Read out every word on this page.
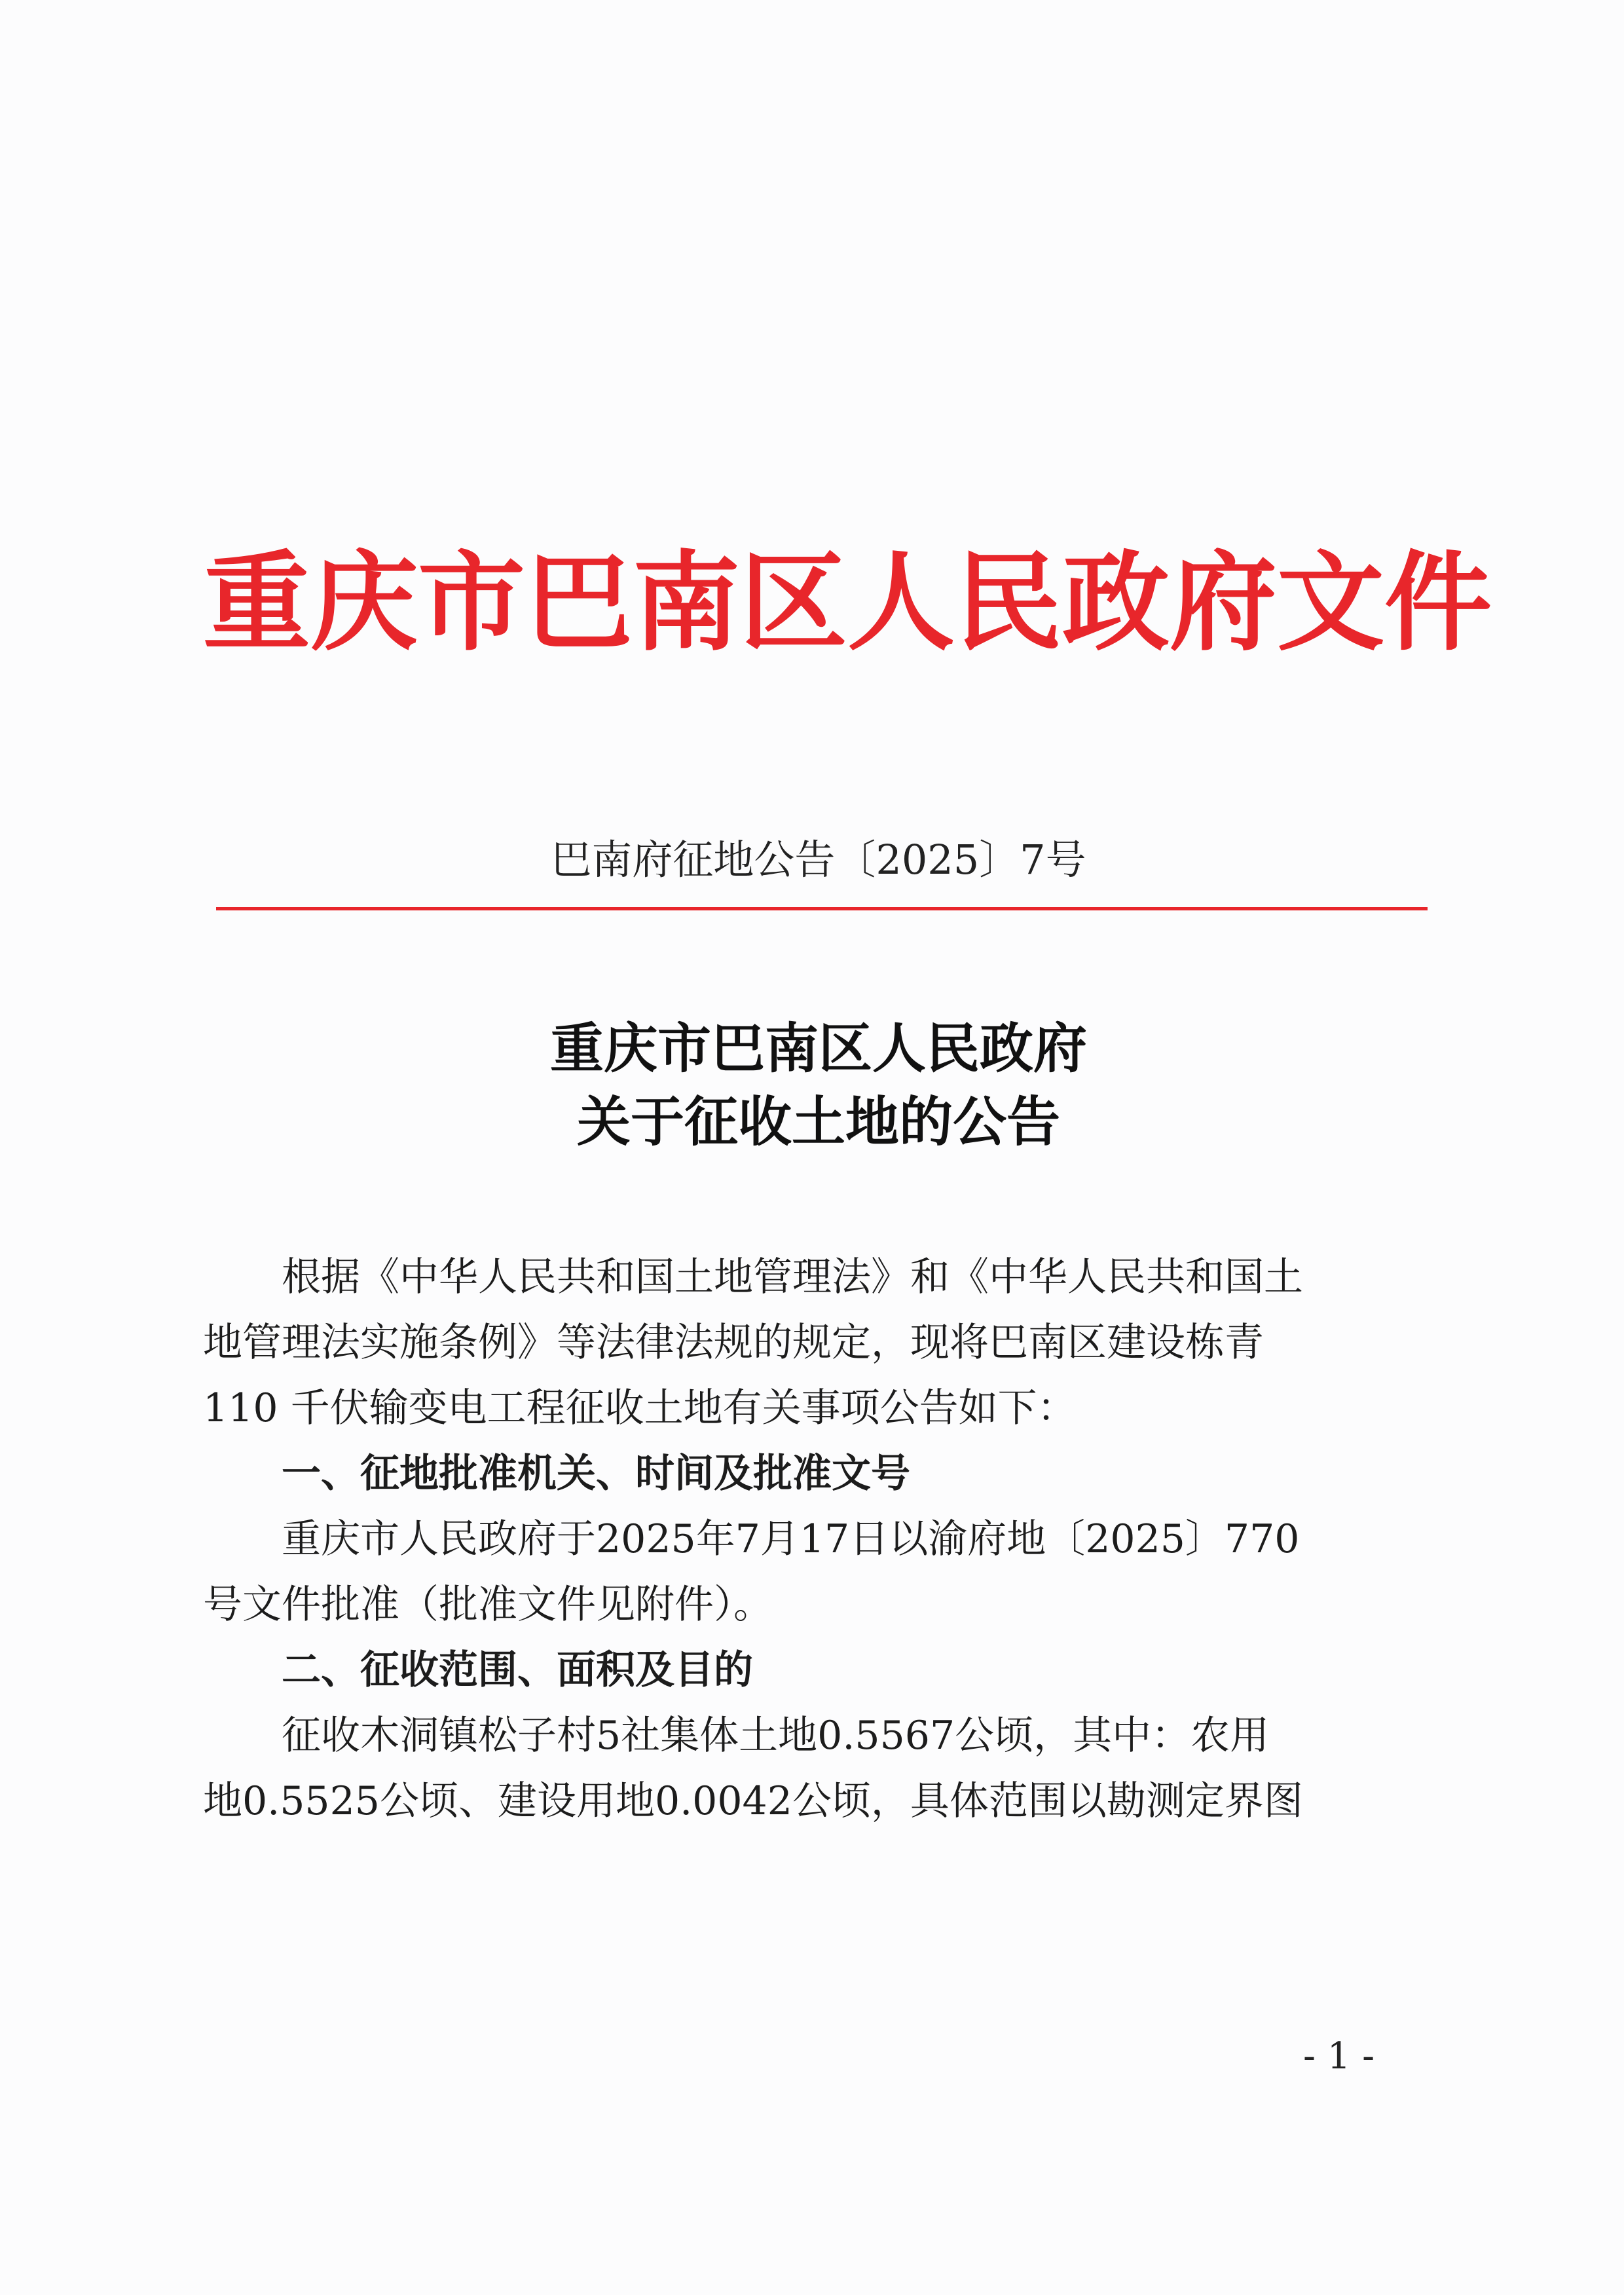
重庆市巴南区人民政府文件
巴南府征地公告〔2025〕7号
重庆市巴南区人民政府
关于征收土地的公告
根据《中华人民共和国土地管理法》和《中华人民共和国土
地管理法实施条例》等法律法规的规定，现将巴南区建设栋青
110 千伏输变电工程征收土地有关事项公告如下：
一、征地批准机关、时间及批准文号
重庆市人民政府于2025年7月17日以渝府地〔2025〕770
号文件批准（批准文件见附件）。
二、征收范围、面积及目的
征收木洞镇松子村5社集体土地0.5567公顷，其中：农用
地0.5525公顷、建设用地0.0042公顷，具体范围以勘测定界图
- 1 -
